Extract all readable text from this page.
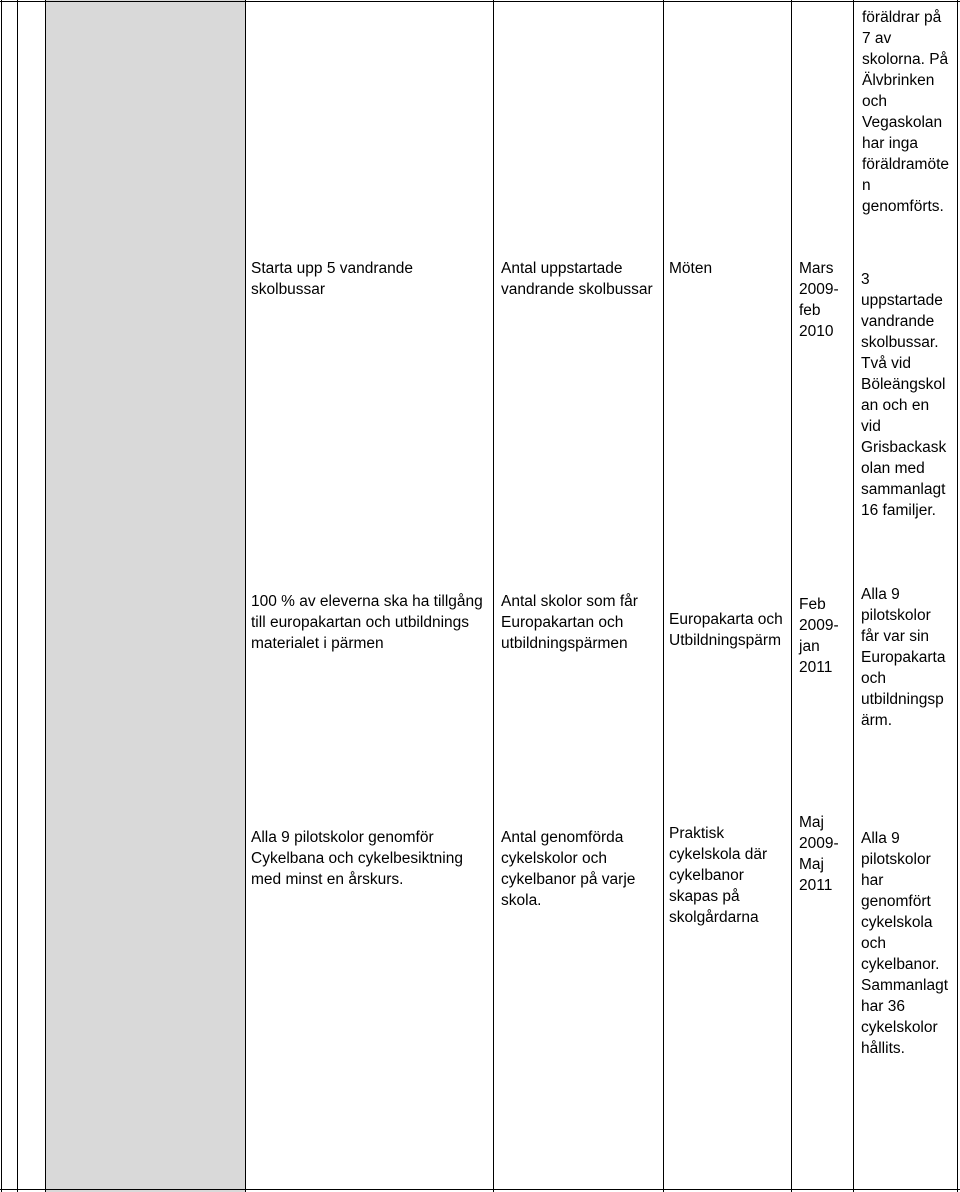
föräldrar på
7 av
skolorna. På
Älvbrinken
och
Vegaskolan
har inga
föräldramöte
n
genomförts.
Starta upp 5 vandrande
skolbussar
Antal uppstartade
vandrande skolbussar
Möten	Mars
2009-
feb
2010
3
uppstartade
vandrande
skolbussar.
Två vid
Böleängskol
an och en
vid
Grisbackask
olan med
sammanlagt
16 familjer.
100 % av eleverna ska ha tillgång
till europakartan och utbildnings
materialet i pärmen
Antal skolor som får
Europakartan och
utbildningspärmen
Europakarta och
Utbildningspärm
Feb
2009-
jan
2011
Alla 9
pilotskolor
får var sin
Europakarta
och
utbildningsp
ärm.
Alla 9 pilotskolor genomför
Cykelbana och cykelbesiktning
med minst en årskurs.
Antal genomförda
cykelskolor och
cykelbanor på varje
skola.
Praktisk
cykelskola där
cykelbanor
skapas på
skolgårdarna
Maj
2009-
Maj
2011
Alla 9
pilotskolor
har
genomfört
cykelskola
och
cykelbanor.
Sammanlagt
har 36
cykelskolor
hållits.
